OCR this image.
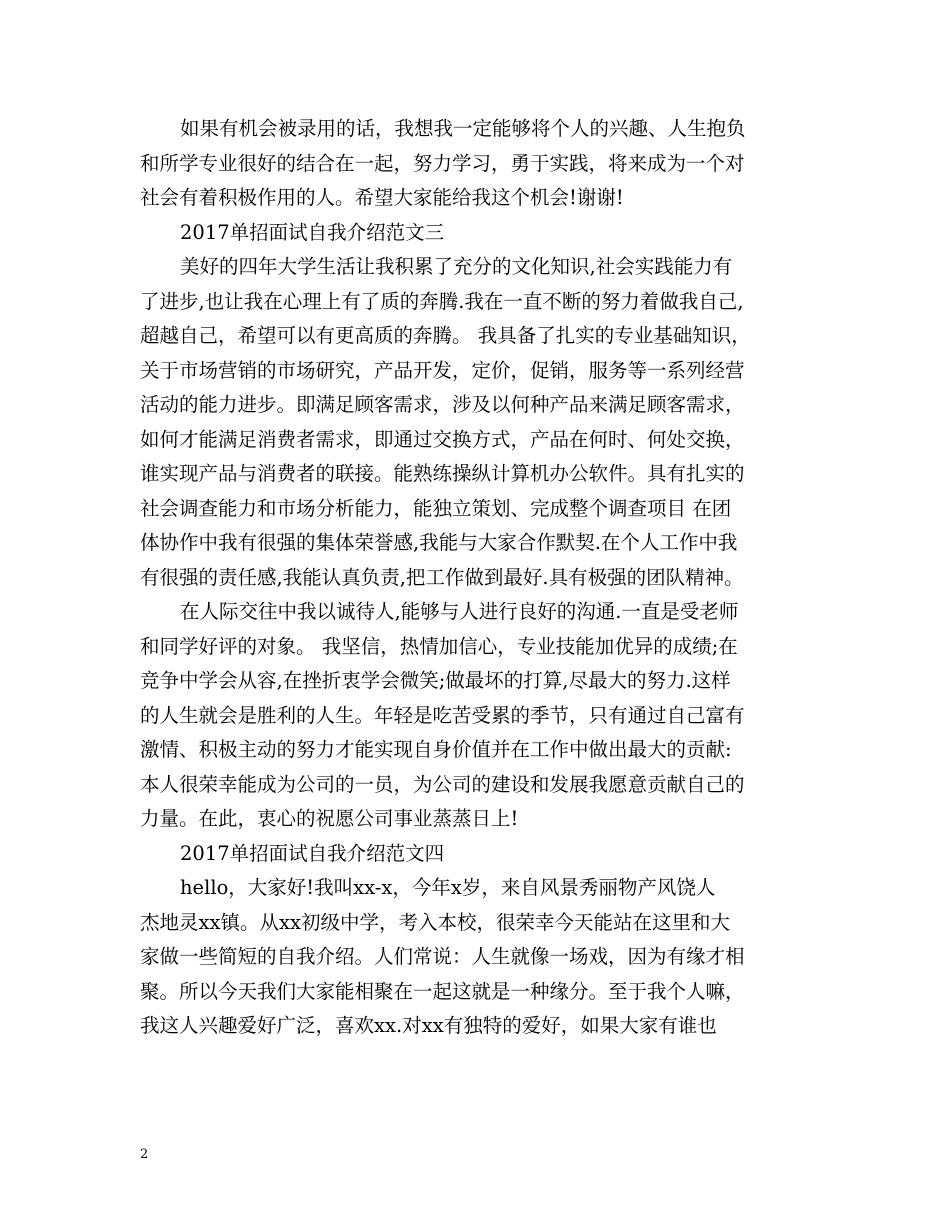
如果有机会被录用的话，我想我一定能够将个人的兴趣、人生抱负
和所学专业很好的结合在一起，努力学习，勇于实践，将来成为一个对
社会有着积极作用的人。希望大家能给我这个机会!谢谢!
2017单招面试自我介绍范文三
美好的四年大学生活让我积累了充分的文化知识,社会实践能力有
了进步,也让我在心理上有了质的奔腾.我在一直不断的努力着做我自己,
超越自己，希望可以有更高质的奔腾。 我具备了扎实的专业基础知识，
关于市场营销的市场研究，产品开发，定价，促销，服务等一系列经营
活动的能力进步。即满足顾客需求，涉及以何种产品来满足顾客需求，
如何才能满足消费者需求，即通过交换方式，产品在何时、何处交换，
谁实现产品与消费者的联接。能熟练操纵计算机办公软件。具有扎实的
社会调查能力和市场分析能力，能独立策划、完成整个调查项目 在团
体协作中我有很强的集体荣誉感,我能与大家合作默契.在个人工作中我
有很强的责任感,我能认真负责,把工作做到最好.具有极强的团队精神。
在人际交往中我以诚待人,能够与人进行良好的沟通.一直是受老师
和同学好评的对象。 我坚信，热情加信心，专业技能加优异的成绩;在
竞争中学会从容,在挫折衷学会微笑;做最坏的打算,尽最大的努力.这样
的人生就会是胜利的人生。年轻是吃苦受累的季节，只有通过自己富有
激情、积极主动的努力才能实现自身价值并在工作中做出最大的贡献:
本人很荣幸能成为公司的一员，为公司的建设和发展我愿意贡献自己的
力量。在此，衷心的祝愿公司事业蒸蒸日上!
2017单招面试自我介绍范文四
hello，大家好!我叫xx-x，今年x岁，来自风景秀丽物产风饶人
杰地灵xx镇。从xx初级中学，考入本校，很荣幸今天能站在这里和大
家做一些简短的自我介绍。人们常说：人生就像一场戏，因为有缘才相
聚。所以今天我们大家能相聚在一起这就是一种缘分。至于我个人嘛，
我这人兴趣爱好广泛，喜欢xx.对xx有独特的爱好，如果大家有谁也
2
